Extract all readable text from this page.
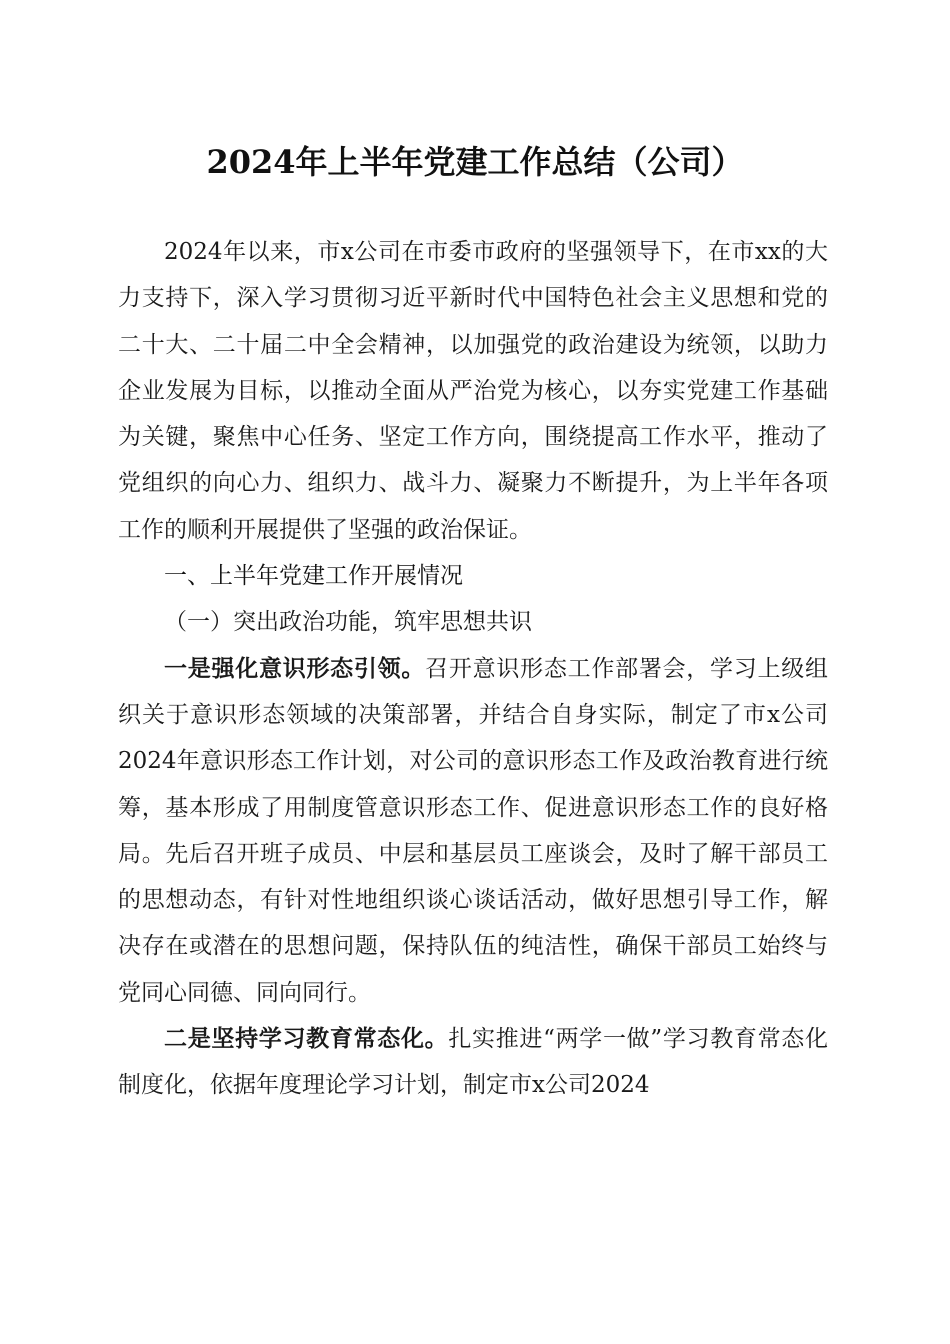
2024年上半年党建工作总结（公司）

2024年以来，市x公司在市委市政府的坚强领导下，在市xx的大力支持下，深入学习贯彻习近平新时代中国特色社会主义思想和党的二十大、二十届二中全会精神，以加强党的政治建设为统领，以助力企业发展为目标，以推动全面从严治党为核心，以夯实党建工作基础为关键，聚焦中心任务、坚定工作方向，围绕提高工作水平，推动了党组织的向心力、组织力、战斗力、凝聚力不断提升，为上半年各项工作的顺利开展提供了坚强的政治保证。

一、上半年党建工作开展情况

（一）突出政治功能，筑牢思想共识

一是强化意识形态引领。召开意识形态工作部署会，学习上级组织关于意识形态领域的决策部署，并结合自身实际，制定了市x公司2024年意识形态工作计划，对公司的意识形态工作及政治教育进行统筹，基本形成了用制度管意识形态工作、促进意识形态工作的良好格局。先后召开班子成员、中层和基层员工座谈会，及时了解干部员工的思想动态，有针对性地组织谈心谈话活动，做好思想引导工作，解决存在或潜在的思想问题，保持队伍的纯洁性，确保干部员工始终与党同心同德、同向同行。

二是坚持学习教育常态化。扎实推进“两学一做”学习教育常态化制度化，依据年度理论学习计划，制定市x公司2024
